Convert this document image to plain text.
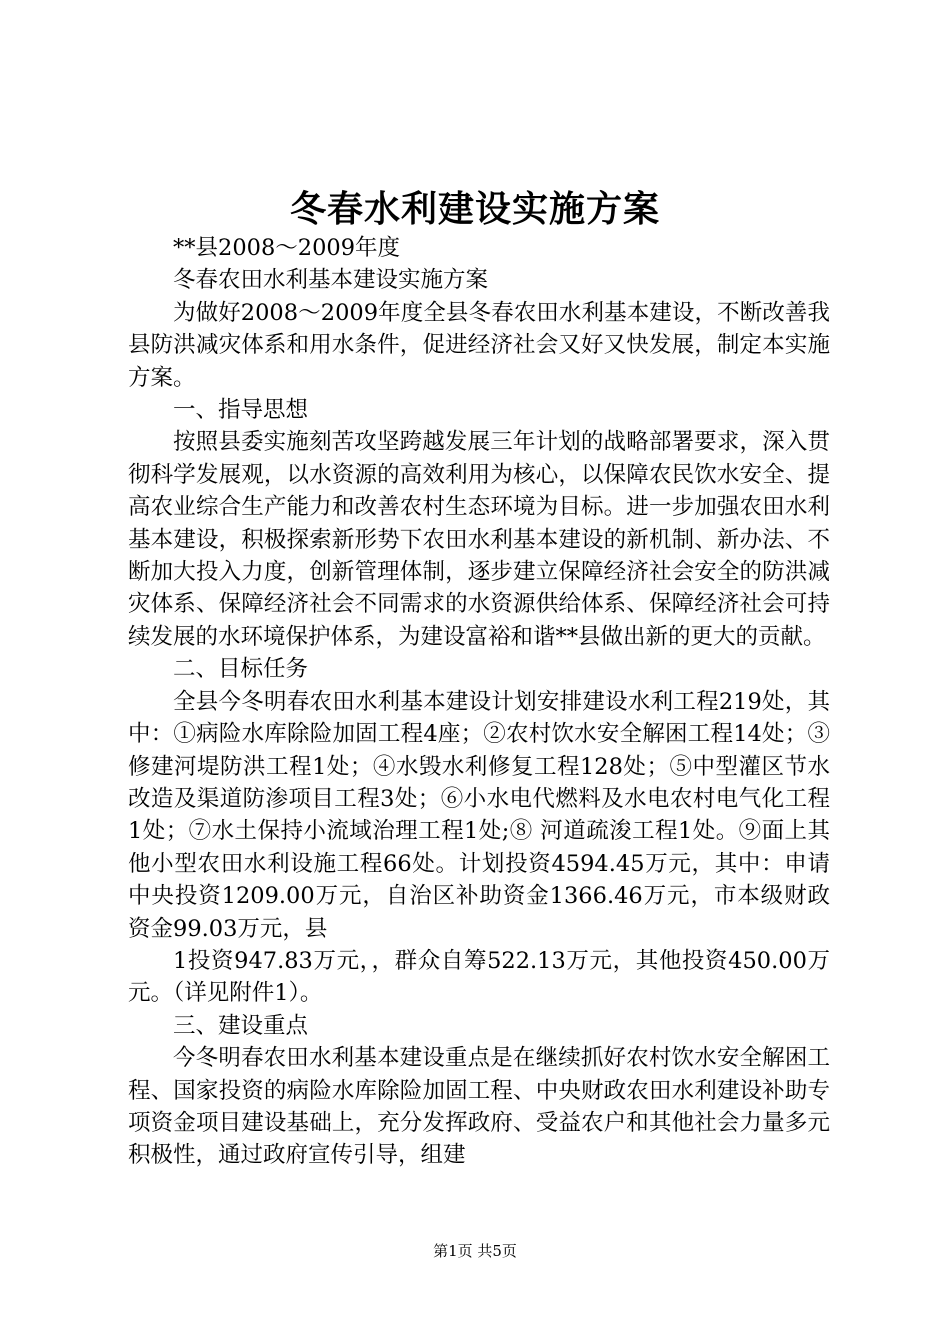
冬春水利建设实施方案

**县2008～2009年度

冬春农田水利基本建设实施方案

为做好2008～2009年度全县冬春农田水利基本建设，不断改善我县防洪减灾体系和用水条件，促进经济社会又好又快发展，制定本实施方案。

一、指导思想

按照县委实施刻苦攻坚跨越发展三年计划的战略部署要求，深入贯彻科学发展观，以水资源的高效利用为核心，以保障农民饮水安全、提高农业综合生产能力和改善农村生态环境为目标。进一步加强农田水利基本建设，积极探索新形势下农田水利基本建设的新机制、新办法、不断加大投入力度，创新管理体制，逐步建立保障经济社会安全的防洪减灾体系、保障经济社会不同需求的水资源供给体系、保障经济社会可持续发展的水环境保护体系，为建设富裕和谐**县做出新的更大的贡献。

二、目标任务

全县今冬明春农田水利基本建设计划安排建设水利工程219处，其中：①病险水库除险加固工程4座；②农村饮水安全解困工程14处；③修建河堤防洪工程1处；④水毁水利修复工程128处；⑤中型灌区节水改造及渠道防渗项目工程3处；⑥小水电代燃料及水电农村电气化工程1处；⑦水土保持小流域治理工程1处;⑧ 河道疏浚工程1处。⑨面上其他小型农田水利设施工程66处。计划投资4594.45万元，其中：申请中央投资1209.00万元，自治区补助资金1366.46万元，市本级财政资金99.03万元，县

1投资947.83万元，，群众自筹522.13万元，其他投资450.00万元。（详见附件1）。

三、建设重点

今冬明春农田水利基本建设重点是在继续抓好农村饮水安全解困工程、国家投资的病险水库除险加固工程、中央财政农田水利建设补助专项资金项目建设基础上，充分发挥政府、受益农户和其他社会力量多元积极性，通过政府宣传引导，组建

第1页 共5页
